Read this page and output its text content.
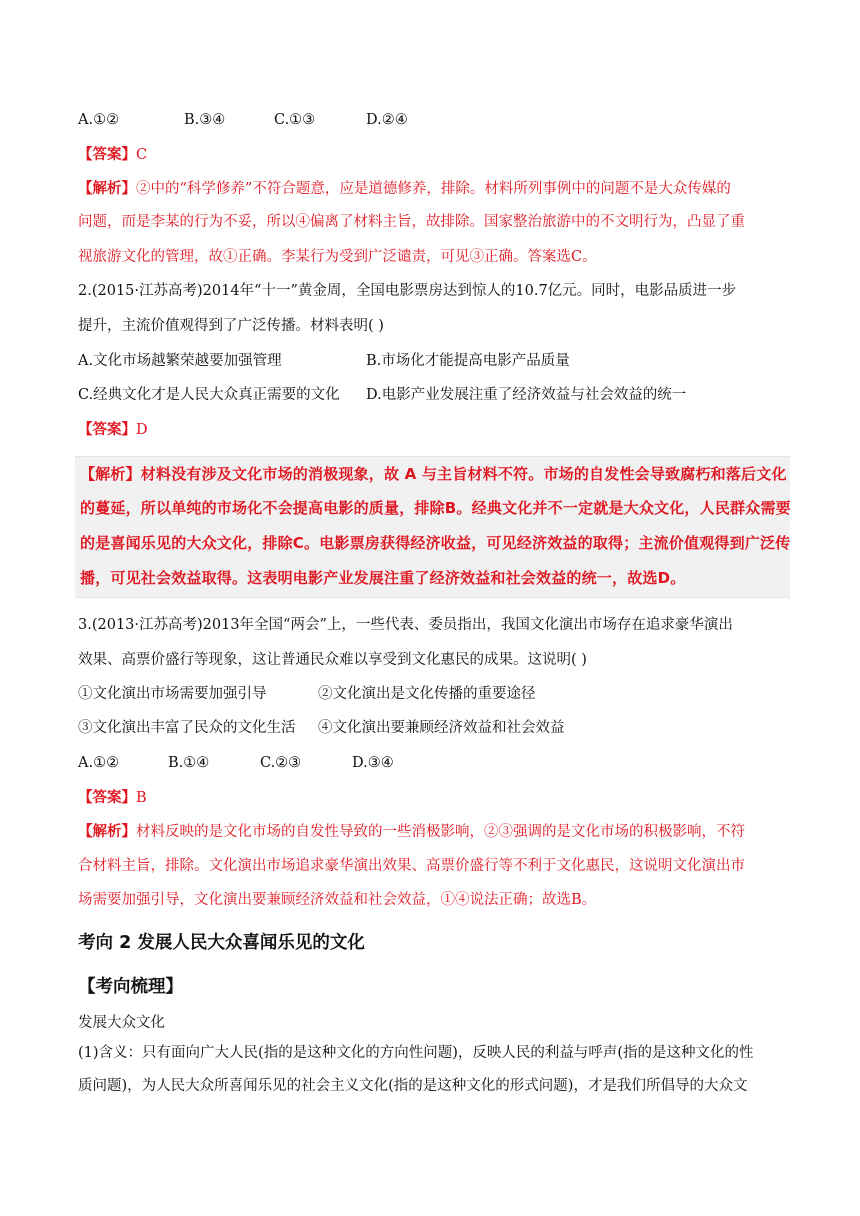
A.①②	B.③④	C.①③	D.②④
【答案】C
【解析】②中的“科学修养”不符合题意，应是道德修养，排除。材料所列事例中的问题不是大众传媒的
问题，而是李某的行为不妥，所以④偏离了材料主旨，故排除。国家整治旅游中的不文明行为，凸显了重
视旅游文化的管理，故①正确。李某行为受到广泛谴责，可见③正确。答案选C。
2.(2015·江苏高考)2014年“十一”黄金周，全国电影票房达到惊人的10.7亿元。同时，电影品质进一步
提升，主流价值观得到了广泛传播。材料表明( )
A.文化市场越繁荣越要加强管理	B.市场化才能提高电影产品质量
C.经典文化才是人民大众真正需要的文化 D.电影产业发展注重了经济效益与社会效益的统一
【答案】D
【解析】材料没有涉及文化市场的消极现象，故 A 与主旨材料不符。市场的自发性会导致腐朽和落后文化
的蔓延，所以单纯的市场化不会提高电影的质量，排除B。经典文化并不一定就是大众文化，人民群众需要
的是喜闻乐见的大众文化，排除C。电影票房获得经济收益，可见经济效益的取得；主流价值观得到广泛传
播，可见社会效益取得。这表明电影产业发展注重了经济效益和社会效益的统一，故选D。
3.(2013·江苏高考)2013年全国“两会”上，一些代表、委员指出，我国文化演出市场存在追求豪华演出
效果、高票价盛行等现象，这让普通民众难以享受到文化惠民的成果。这说明( )
①文化演出市场需要加强引导	②文化演出是文化传播的重要途径
③文化演出丰富了民众的文化生活 ④文化演出要兼顾经济效益和社会效益
A.①②	B.①④	C.②③	D.③④
【答案】B
【解析】材料反映的是文化市场的自发性导致的一些消极影响，②③强调的是文化市场的积极影响，不符
合材料主旨，排除。文化演出市场追求豪华演出效果、高票价盛行等不利于文化惠民，这说明文化演出市
场需要加强引导，文化演出要兼顾经济效益和社会效益，①④说法正确；故选B。
考向 2 发展人民大众喜闻乐见的文化
【考向梳理】
发展大众文化
(1)含义：只有面向广大人民(指的是这种文化的方向性问题)，反映人民的利益与呼声(指的是这种文化的性
质问题)，为人民大众所喜闻乐见的社会主义文化(指的是这种文化的形式问题)，才是我们所倡导的大众文
